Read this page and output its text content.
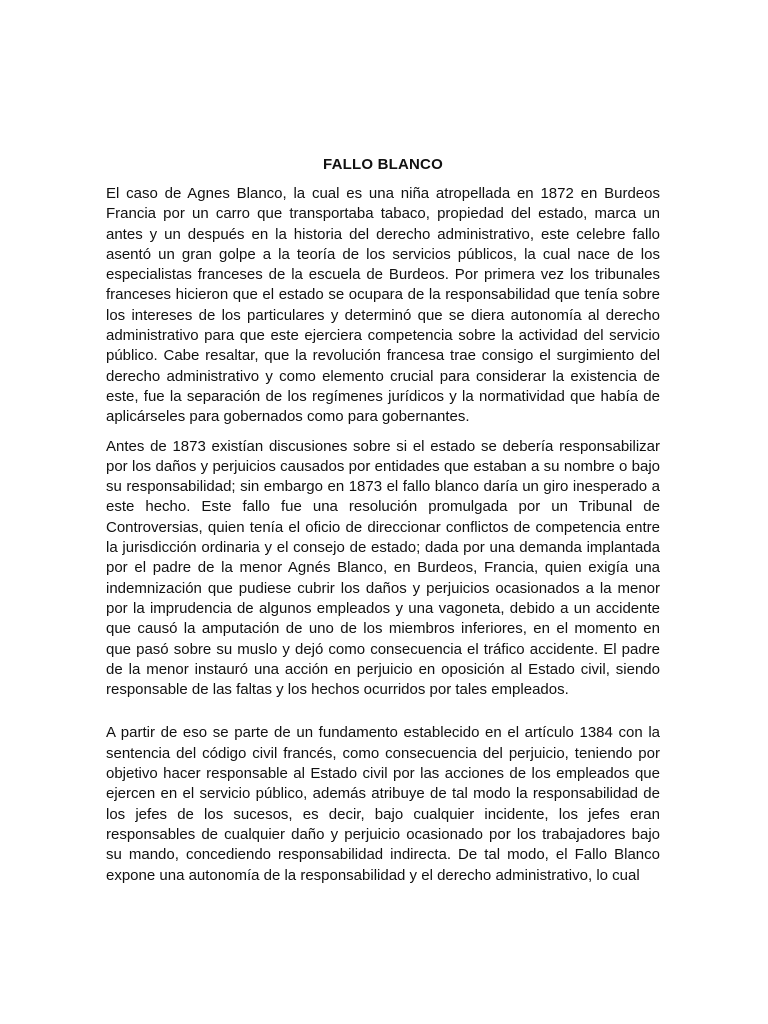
FALLO BLANCO

El caso de Agnes Blanco, la cual es una niña atropellada en 1872 en Burdeos Francia por un carro que transportaba tabaco, propiedad del estado, marca un antes y un después en la historia del derecho administrativo, este celebre fallo asentó un gran golpe a la teoría de los servicios públicos, la cual nace de los especialistas franceses de la escuela de Burdeos. Por primera vez los tribunales franceses hicieron que el estado se ocupara de la responsabilidad que tenía sobre los intereses de los particulares y determinó que se diera autonomía al derecho administrativo para que este ejerciera competencia sobre la actividad del servicio público. Cabe resaltar, que la revolución francesa trae consigo el surgimiento del derecho administrativo y como elemento crucial para considerar la existencia de este, fue la separación de los regímenes jurídicos y la normatividad que había de aplicárseles para gobernados como para gobernantes.

Antes de 1873 existían discusiones sobre si el estado se debería responsabilizar por los daños y perjuicios causados por entidades que estaban a su nombre o bajo su responsabilidad; sin embargo en 1873 el fallo blanco daría un giro inesperado a este hecho. Este fallo fue una resolución promulgada por un Tribunal de Controversias, quien tenía el oficio de direccionar conflictos de competencia entre la jurisdicción ordinaria y el consejo de estado; dada por una demanda implantada por el padre de la menor Agnés Blanco, en Burdeos, Francia, quien exigía una indemnización que pudiese cubrir los daños y perjuicios ocasionados a la menor por la imprudencia de algunos empleados y una vagoneta, debido a un accidente que causó la amputación de uno de los miembros inferiores, en el momento en que pasó sobre su muslo y dejó como consecuencia el tráfico accidente. El padre de la menor instauró una acción en perjuicio en oposición al Estado civil, siendo responsable de las faltas y los hechos ocurridos por tales empleados.

A partir de eso se parte de un fundamento establecido en el artículo 1384 con la sentencia del código civil francés, como consecuencia del perjuicio, teniendo por objetivo hacer responsable al Estado civil por las acciones de los empleados que ejercen en el servicio público, además atribuye de tal modo la responsabilidad de los jefes de los sucesos, es decir, bajo cualquier incidente, los jefes eran responsables de cualquier daño y perjuicio ocasionado por los trabajadores bajo su mando, concediendo responsabilidad indirecta. De tal modo, el Fallo Blanco expone una autonomía de la responsabilidad y el derecho administrativo, lo cual
